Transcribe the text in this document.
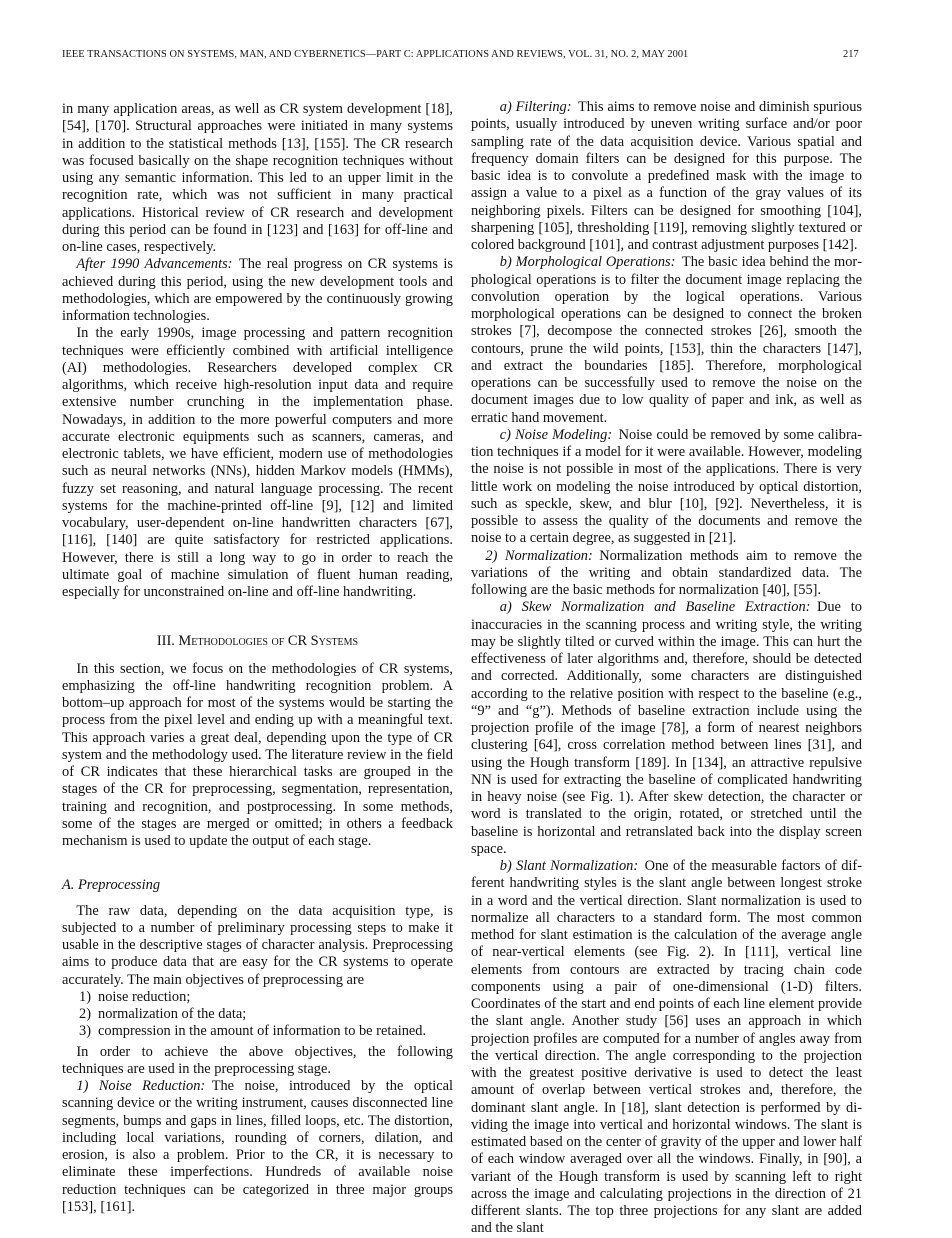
IEEE TRANSACTIONS ON SYSTEMS, MAN, AND CYBERNETICS—PART C: APPLICATIONS AND REVIEWS, VOL. 31, NO. 2, MAY 2001	217

in many application areas, as well as CR system development [18], [54], [170]. Structural approaches were initiated in many systems in addition to the statistical methods [13], [155]. The CR research was focused basically on the shape recognition techniques without using any semantic information. This led to an upper limit in the recognition rate, which was not sufficient in many practical applications. Historical review of CR research and development during this period can be found in [123] and [163] for off-line and on-line cases, respectively.

After 1990 Advancements: The real progress on CR systems is achieved during this period, using the new development tools and methodologies, which are empowered by the continuously growing information technologies.

In the early 1990s, image processing and pattern recognition techniques were efficiently combined with artificial intelligence (AI) methodologies. Researchers developed complex CR algorithms, which receive high-resolution input data and require extensive number crunching in the implementation phase. Nowadays, in addition to the more powerful computers and more accurate electronic equipments such as scanners, cameras, and electronic tablets, we have efficient, modern use of methodologies such as neural networks (NNs), hidden Markov models (HMMs), fuzzy set reasoning, and natural language processing. The recent systems for the machine-printed off-line [9], [12] and limited vocabulary, user-dependent on-line handwritten characters [67], [116], [140] are quite satisfactory for restricted applications. However, there is still a long way to go in order to reach the ultimate goal of machine simulation of fluent human reading, especially for unconstrained on-line and off-line handwriting.

III. Methodologies of CR Systems

In this section, we focus on the methodologies of CR systems, emphasizing the off-line handwriting recognition problem. A bottom–up approach for most of the systems would be starting the process from the pixel level and ending up with a meaningful text. This approach varies a great deal, depending upon the type of CR system and the methodology used. The literature review in the field of CR indicates that these hierarchical tasks are grouped in the stages of the CR for preprocessing, segmentation, representation, training and recognition, and postprocessing. In some methods, some of the stages are merged or omitted; in others a feedback mechanism is used to update the output of each stage.

A. Preprocessing

The raw data, depending on the data acquisition type, is subjected to a number of preliminary processing steps to make it usable in the descriptive stages of character analysis. Preprocessing aims to produce data that are easy for the CR systems to operate accurately. The main objectives of preprocessing are

1) noise reduction;
2) normalization of the data;
3) compression in the amount of information to be retained.

In order to achieve the above objectives, the following techniques are used in the preprocessing stage.

1) Noise Reduction: The noise, introduced by the optical scanning device or the writing instrument, causes disconnected line segments, bumps and gaps in lines, filled loops, etc. The distortion, including local variations, rounding of corners, dilation, and erosion, is also a problem. Prior to the CR, it is necessary to eliminate these imperfections. Hundreds of available noise reduction techniques can be categorized in three major groups [153], [161].

a) Filtering: This aims to remove noise and diminish spurious points, usually introduced by uneven writing surface and/or poor sampling rate of the data acquisition device. Various spatial and frequency domain filters can be designed for this purpose. The basic idea is to convolute a predefined mask with the image to assign a value to a pixel as a function of the gray values of its neighboring pixels. Filters can be designed for smoothing [104], sharpening [105], thresholding [119], removing slightly textured or colored background [101], and contrast adjustment purposes [142].

b) Morphological Operations: The basic idea behind the morphological operations is to filter the document image replacing the convolution operation by the logical operations. Various morphological operations can be designed to connect the broken strokes [7], decompose the connected strokes [26], smooth the contours, prune the wild points, [153], thin the characters [147], and extract the boundaries [185]. Therefore, morphological operations can be successfully used to remove the noise on the document images due to low quality of paper and ink, as well as erratic hand movement.

c) Noise Modeling: Noise could be removed by some calibration techniques if a model for it were available. However, modeling the noise is not possible in most of the applications. There is very little work on modeling the noise introduced by optical distortion, such as speckle, skew, and blur [10], [92]. Nevertheless, it is possible to assess the quality of the documents and remove the noise to a certain degree, as suggested in [21].

2) Normalization: Normalization methods aim to remove the variations of the writing and obtain standardized data. The following are the basic methods for normalization [40], [55].

a) Skew Normalization and Baseline Extraction: Due to inaccuracies in the scanning process and writing style, the writing may be slightly tilted or curved within the image. This can hurt the effectiveness of later algorithms and, therefore, should be detected and corrected. Additionally, some characters are distinguished according to the relative position with respect to the baseline (e.g., “9” and “g”). Methods of baseline extraction include using the projection profile of the image [78], a form of nearest neighbors clustering [64], cross correlation method between lines [31], and using the Hough transform [189]. In [134], an attractive repulsive NN is used for extracting the baseline of complicated handwriting in heavy noise (see Fig. 1). After skew detection, the character or word is translated to the origin, rotated, or stretched until the baseline is horizontal and retranslated back into the display screen space.

b) Slant Normalization: One of the measurable factors of different handwriting styles is the slant angle between longest stroke in a word and the vertical direction. Slant normalization is used to normalize all characters to a standard form. The most common method for slant estimation is the calculation of the average angle of near-vertical elements (see Fig. 2). In [111], vertical line elements from contours are extracted by tracing chain code components using a pair of one-dimensional (1-D) filters. Coordinates of the start and end points of each line element provide the slant angle. Another study [56] uses an approach in which projection profiles are computed for a number of angles away from the vertical direction. The angle corresponding to the projection with the greatest positive derivative is used to detect the least amount of overlap between vertical strokes and, therefore, the dominant slant angle. In [18], slant detection is performed by dividing the image into vertical and horizontal windows. The slant is estimated based on the center of gravity of the upper and lower half of each window averaged over all the windows. Finally, in [90], a variant of the Hough transform is used by scanning left to right across the image and calculating projections in the direction of 21 different slants. The top three projections for any slant are added and the slant
